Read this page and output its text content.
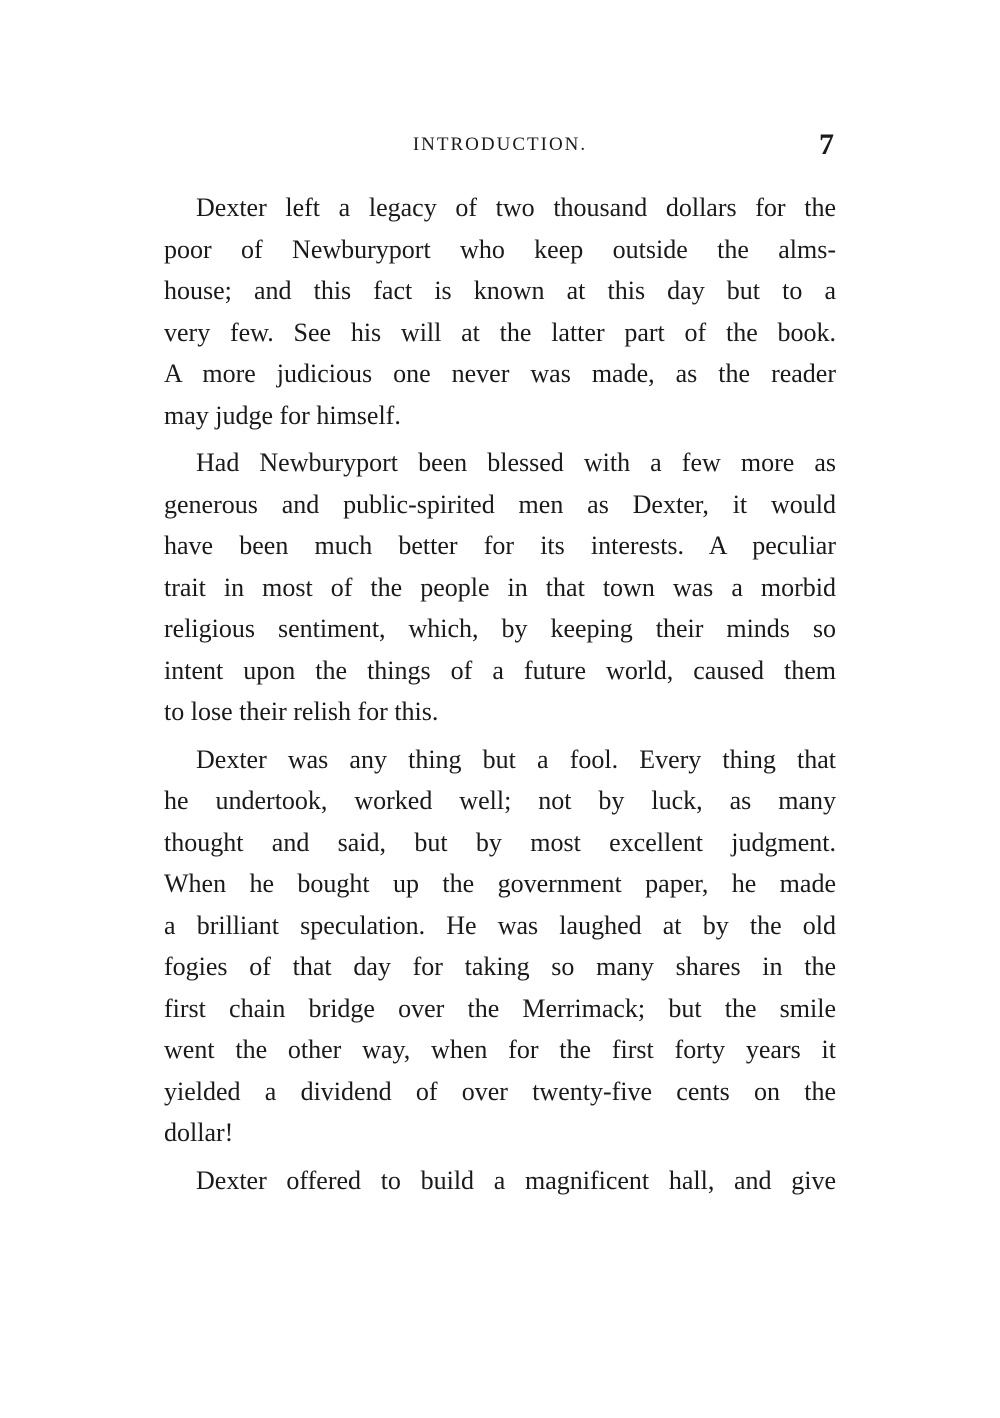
INTRODUCTION.	7
Dexter left a legacy of two thousand dollars for the
poor of Newburyport who keep outside the alms-
house; and this fact is known at this day but to a
very few. See his will at the latter part of the book.
A more judicious one never was made, as the reader
may judge for himself.
Had Newburyport been blessed with a few more as
generous and public-spirited men as Dexter, it would
have been much better for its interests. A peculiar
trait in most of the people in that town was a morbid
religious sentiment, which, by keeping their minds so
intent upon the things of a future world, caused them
to lose their relish for this.
Dexter was any thing but a fool. Every thing that
he undertook, worked well; not by luck, as many
thought and said, but by most excellent judgment.
When he bought up the government paper, he made
a brilliant speculation. He was laughed at by the old
fogies of that day for taking so many shares in the
first chain bridge over the Merrimack; but the smile
went the other way, when for the first forty years it
yielded a dividend of over twenty-five cents on the
dollar!
Dexter offered to build a magnificent hall, and give
